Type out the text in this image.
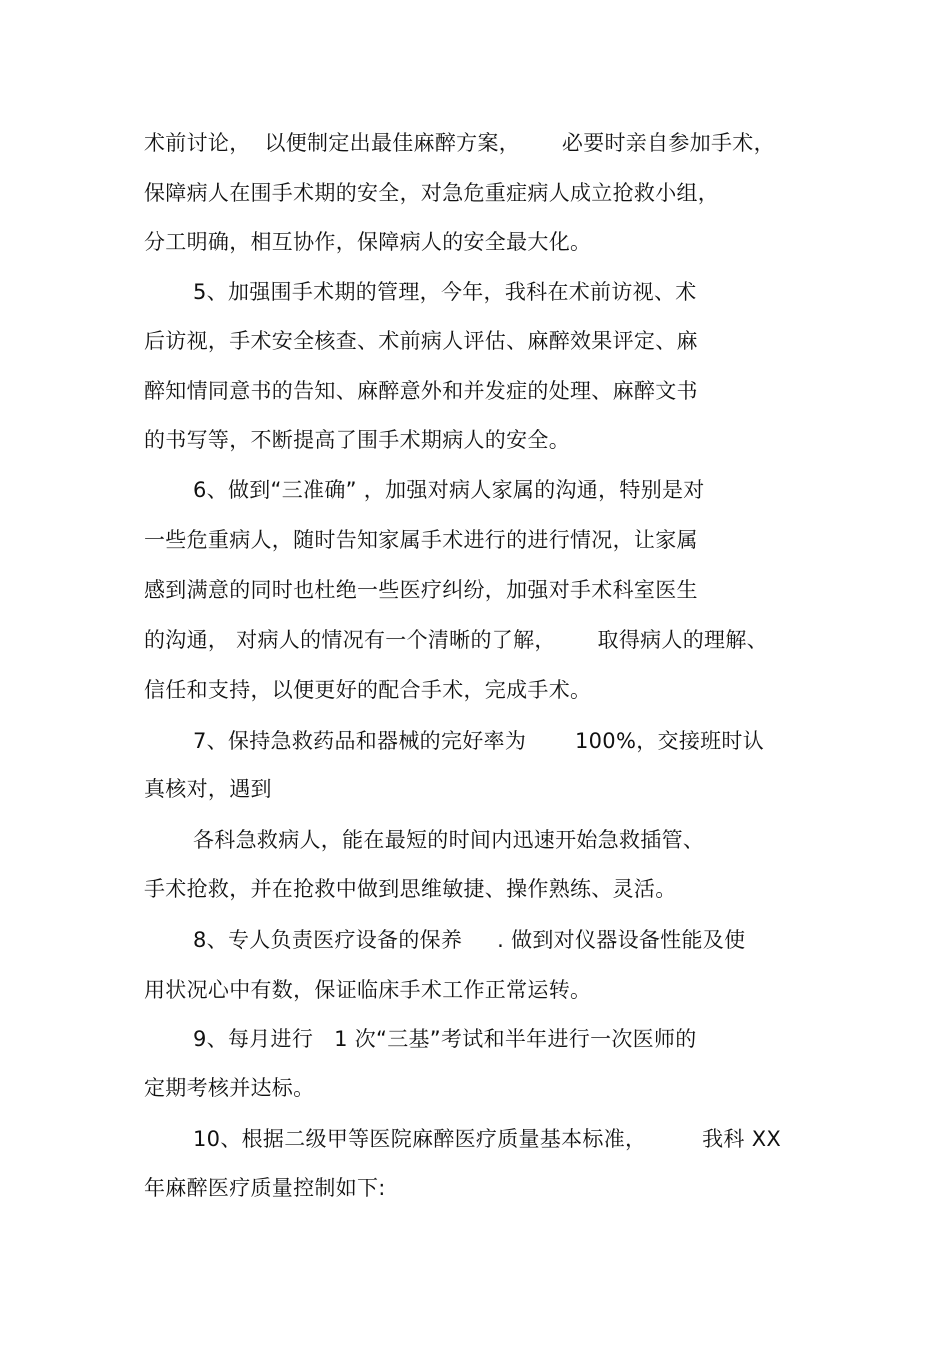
术前讨论，  以便制定出最佳麻醉方案，      必要时亲自参加手术，
保障病人在围手术期的安全，对急危重症病人成立抢救小组，
分工明确，相互协作，保障病人的安全最大化。
5、加强围手术期的管理，今年，我科在术前访视、术
后访视，手术安全核查、术前病人评估、麻醉效果评定、麻
醉知情同意书的告知、麻醉意外和并发症的处理、麻醉文书
的书写等，不断提高了围手术期病人的安全。
6、做到“三准确” ，加强对病人家属的沟通，特别是对
一些危重病人，随时告知家属手术进行的进行情况，让家属
感到满意的同时也杜绝一些医疗纠纷，加强对手术科室医生
的沟通， 对病人的情况有一个清晰的了解，      取得病人的理解、
信任和支持，以便更好的配合手术，完成手术。
7、保持急救药品和器械的完好率为       100%，交接班时认
真核对，遇到
各科急救病人，能在最短的时间内迅速开始急救插管、
手术抢救，并在抢救中做到思维敏捷、操作熟练、灵活。
8、专人负责医疗设备的保养     . 做到对仪器设备性能及使
用状况心中有数，保证临床手术工作正常运转。
9、每月进行   1 次“三基”考试和半年进行一次医师的
定期考核并达标。
10、根据二级甲等医院麻醉医疗质量基本标准，        我科 XX
年麻醉医疗质量控制如下:
